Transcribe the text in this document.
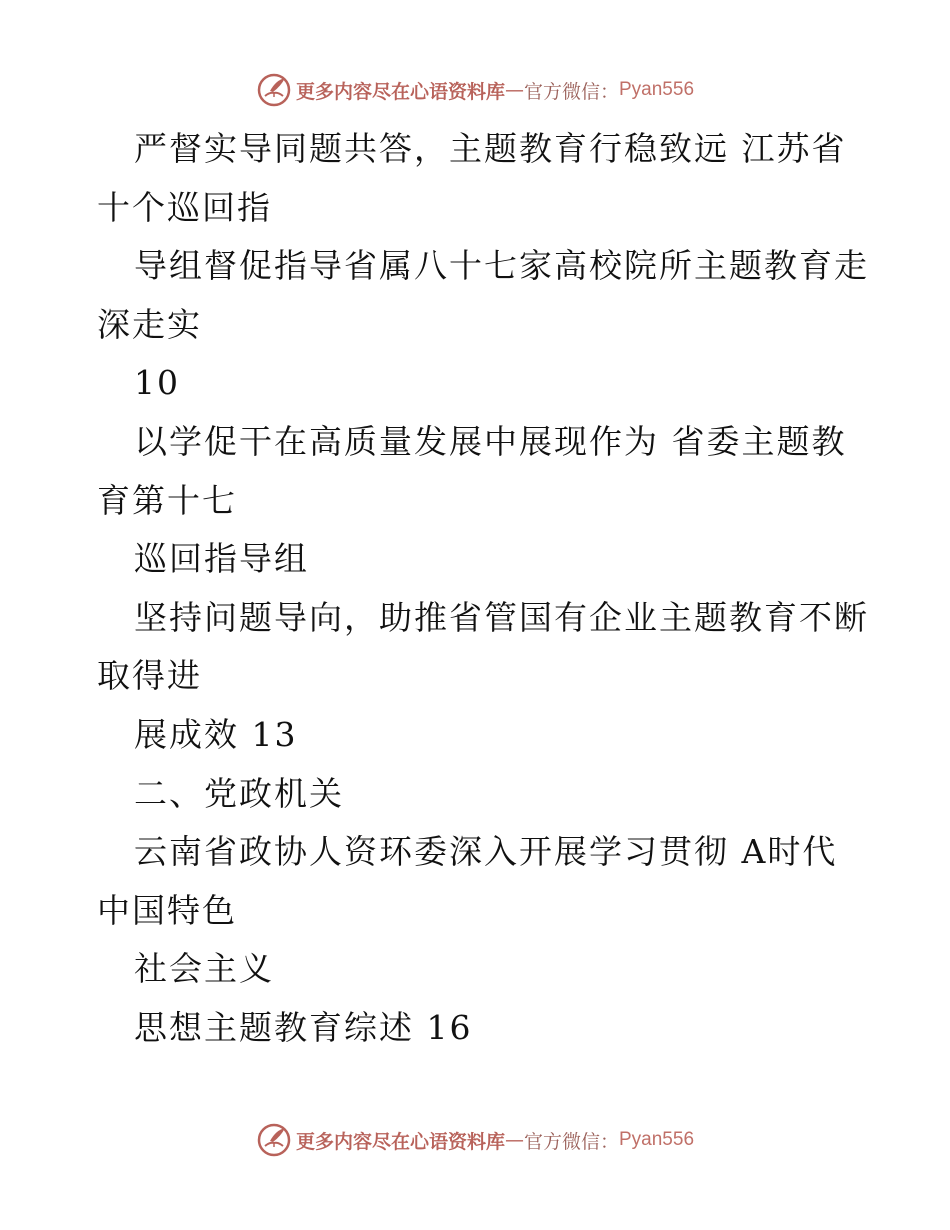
更多内容尽在心语资料库 — 官方微信： Pyan556
严督实导同题共答，主题教育行稳致远 江苏省
十个巡回指
导组督促指导省属八十七家高校院所主题教育走
深走实
10
以学促干在高质量发展中展现作为 省委主题教
育第十七
巡回指导组
坚持问题导向，助推省管国有企业主题教育不断
取得进
展成效 13
二、党政机关
云南省政协人资环委深入开展学习贯彻 A时代
中国特色
社会主义
思想主题教育综述 16
更多内容尽在心语资料库 — 官方微信： Pyan556
